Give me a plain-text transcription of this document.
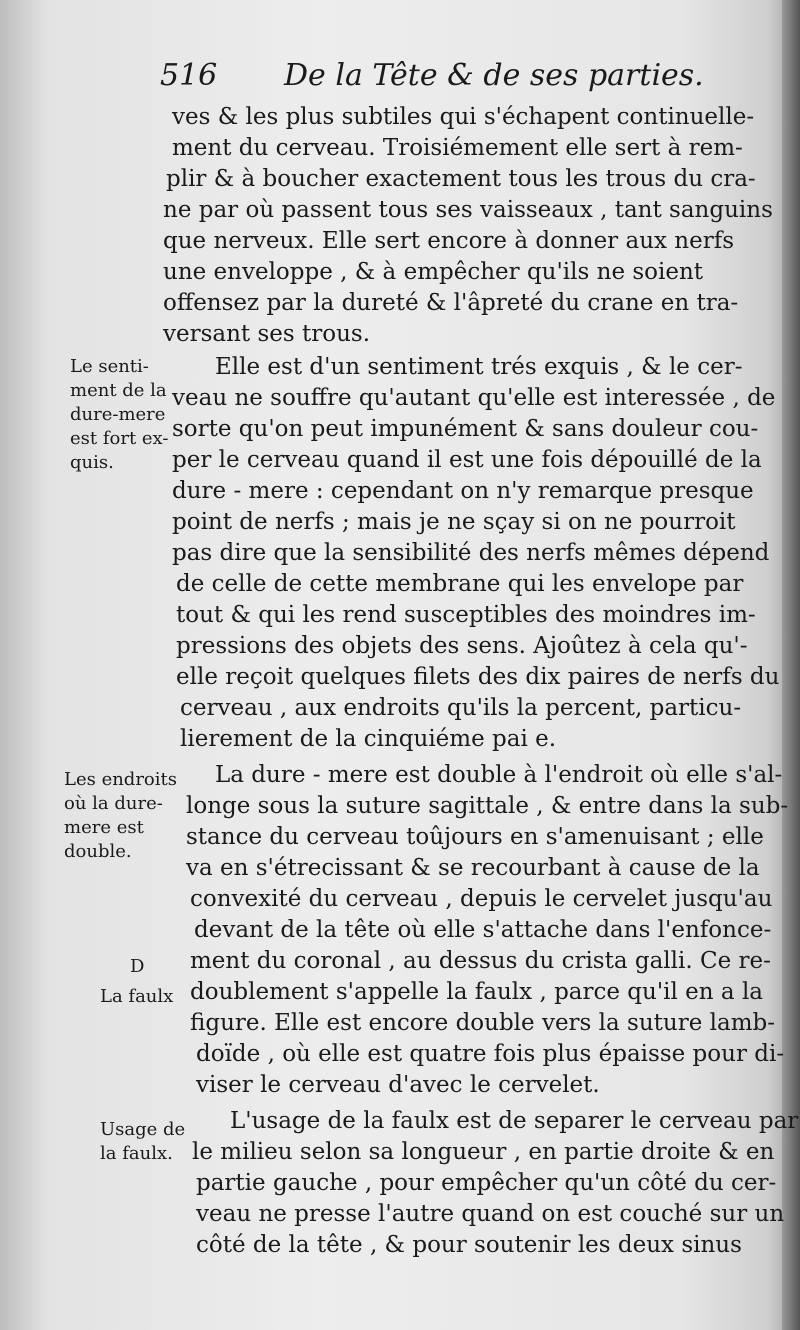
516 De la Tête & de ses parties.
ves & les plus subtiles qui s'échapent continuelle-
ment du cerveau. Troisiémement elle sert à rem-
plir & à boucher exactement tous les trous du cra-
ne par où passent tous ses vaisseaux , tant sanguins
que nerveux. Elle sert encore à donner aux nerfs
une enveloppe , & à empêcher qu'ils ne soient
offensez par la dureté & l'âpreté du crane en tra-
versant ses trous.
Elle est d'un sentiment trés exquis , & le cer-
veau ne souffre qu'autant qu'elle est interessée , de
sorte qu'on peut impunément & sans douleur cou-
per le cerveau quand il est une fois dépouillé de la
dure - mere : cependant on n'y remarque presque
point de nerfs ; mais je ne sçay si on ne pourroit
pas dire que la sensibilité des nerfs mêmes dépend
de celle de cette membrane qui les envelope par
tout & qui les rend susceptibles des moindres im-
pressions des objets des sens. Ajoûtez à cela qu'-
elle reçoit quelques filets des dix paires de nerfs du
cerveau , aux endroits qu'ils la percent, particu-
lierement de la cinquiéme pai e.
La dure - mere est double à l'endroit où elle s'al-
longe sous la suture sagittale , & entre dans la sub-
stance du cerveau toûjours en s'amenuisant ; elle
va en s'étrecissant & se recourbant à cause de la
convexité du cerveau , depuis le cervelet jusqu'au
devant de la tête où elle s'attache dans l'enfonce-
ment du coronal , au dessus du crista galli. Ce re-
doublement s'appelle la faulx , parce qu'il en a la
figure. Elle est encore double vers la suture lamb-
doïde , où elle est quatre fois plus épaisse pour di-
viser le cerveau d'avec le cervelet.
L'usage de la faulx est de separer le cerveau par
le milieu selon sa longueur , en partie droite & en
partie gauche , pour empêcher qu'un côté du cer-
veau ne presse l'autre quand on est couché sur un
côté de la tête , & pour soutenir les deux sinus
Le senti-
ment de la
dure-mere
est fort ex-
quis.
Les endroits
où la dure-
mere est
double.
D
La faulx
Usage de
la faulx.
